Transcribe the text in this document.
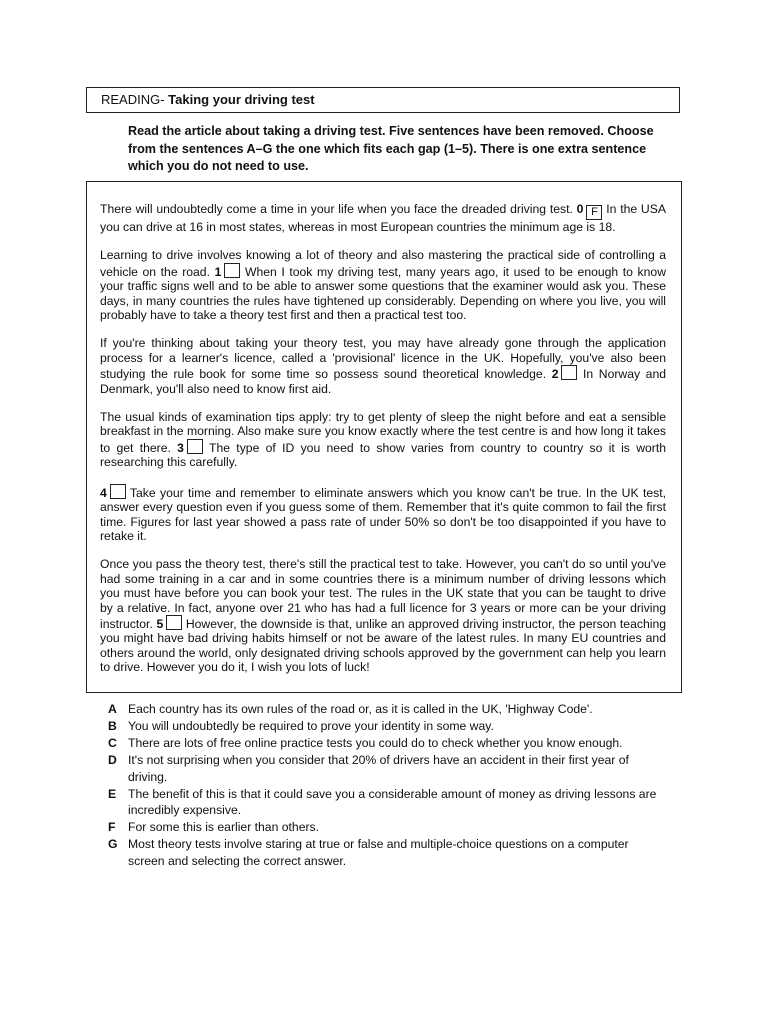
READING- Taking your driving test
Read the article about taking a driving test. Five sentences have been removed. Choose from the sentences A–G the one which fits each gap (1–5). There is one extra sentence which you do not need to use.

There will undoubtedly come a time in your life when you face the dreaded driving test. 0 F In the USA you can drive at 16 in most states, whereas in most European countries the minimum age is 18.

Learning to drive involves knowing a lot of theory and also mastering the practical side of controlling a vehicle on the road. 1 When I took my driving test, many years ago, it used to be enough to know your traffic signs well and to be able to answer some questions that the examiner would ask you. These days, in many countries the rules have tightened up considerably. Depending on where you live, you will probably have to take a theory test first and then a practical test too.

If you're thinking about taking your theory test, you may have already gone through the application process for a learner's licence, called a 'provisional' licence in the UK. Hopefully, you've also been studying the rule book for some time so possess sound theoretical knowledge. 2 In Norway and Denmark, you'll also need to know first aid.

The usual kinds of examination tips apply: try to get plenty of sleep the night before and eat a sensible breakfast in the morning. Also make sure you know exactly where the test centre is and how long it takes to get there. 3 The type of ID you need to show varies from country to country so it is worth researching this carefully.

4 Take your time and remember to eliminate answers which you know can't be true. In the UK test, answer every question even if you guess some of them. Remember that it's quite common to fail the first time. Figures for last year showed a pass rate of under 50% so don't be too disappointed if you have to retake it.

Once you pass the theory test, there's still the practical test to take. However, you can't do so until you've had some training in a car and in some countries there is a minimum number of driving lessons which you must have before you can book your test. The rules in the UK state that you can be taught to drive by a relative. In fact, anyone over 21 who has had a full licence for 3 years or more can be your driving instructor. 5 However, the downside is that, unlike an approved driving instructor, the person teaching you might have bad driving habits himself or not be aware of the latest rules. In many EU countries and others around the world, only designated driving schools approved by the government can help you learn to drive. However you do it, I wish you lots of luck!

A Each country has its own rules of the road or, as it is called in the UK, 'Highway Code'.
B You will undoubtedly be required to prove your identity in some way.
C There are lots of free online practice tests you could do to check whether you know enough.
D It's not surprising when you consider that 20% of drivers have an accident in their first year of driving.
E The benefit of this is that it could save you a considerable amount of money as driving lessons are incredibly expensive.
F	For some this is earlier than others.
G Most theory tests involve staring at true or false and multiple-choice questions on a computer screen and selecting the correct answer.
